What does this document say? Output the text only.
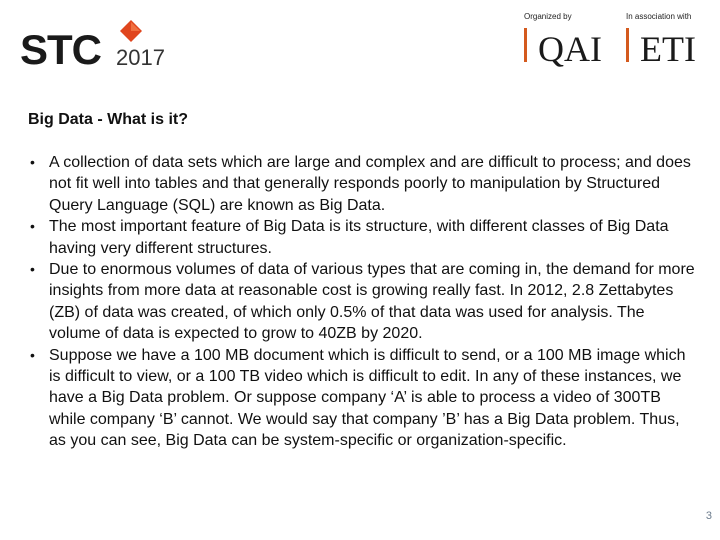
STC 2017
Organized by
QAI
In association with
ETI
Big Data - What is it?
• A collection of data sets which are large and complex and are difficult to process; and does not fit well into tables and that generally responds poorly to manipulation by Structured Query Language (SQL) are known as Big Data.
• The most important feature of Big Data is its structure, with different classes of Big Data having very different structures.
• Due to enormous volumes of data of various types that are coming in, the demand for more insights from more data at reasonable cost is growing really fast. In 2012, 2.8 Zettabytes (ZB) of data was created, of which only 0.5% of that data was used for analysis. The volume of data is expected to grow to 40ZB by 2020.
• Suppose we have a 100 MB document which is difficult to send, or a 100 MB image which is difficult to view, or a 100 TB video which is difficult to edit. In any of these instances, we have a Big Data problem. Or suppose company ‘A’ is able to process a video of 300TB while company ‘B’ cannot. We would say that company ’B’ has a Big Data problem. Thus, as you can see, Big Data can be system-specific or organization-specific.
3
